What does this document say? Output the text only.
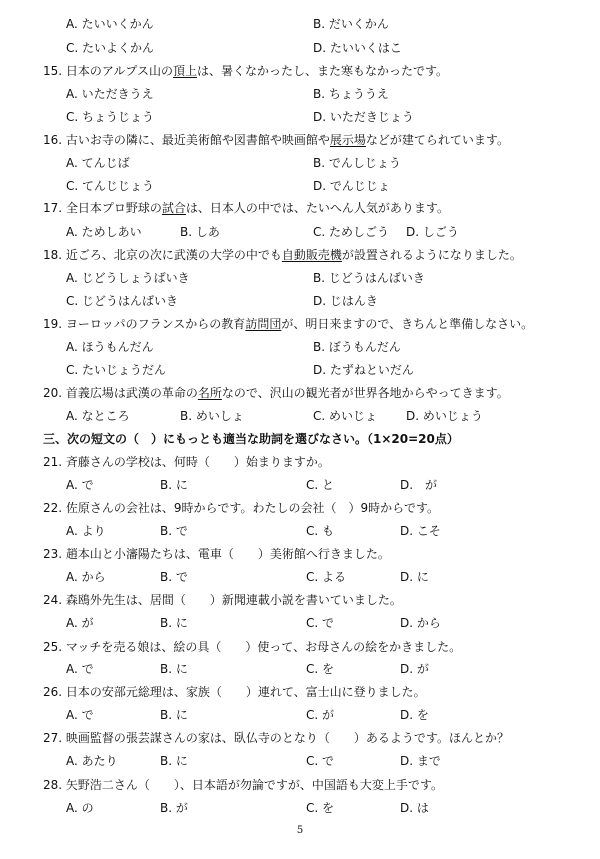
A. たいいくかん	B. だいくかん
C. たいよくかん	D. たいいくはこ
15. 日本のアルプス山の頂上は、暑くなかったし、また寒もなかったです。
A. いただきうえ	B. ちょううえ
C. ちょうじょう	D. いただきじょう
16. 古いお寺の隣に、最近美術館や図書館や映画館や展示場などが建てられています。
A. てんじば	B. でんしじょう
C. てんじじょう	D. でんじじょ
17. 全日本プロ野球の試合は、日本人の中では、たいへん人気があります。
A. ためしあい	B. しあ	C. ためしごう D. しごう
18. 近ごろ、北京の次に武漢の大学の中でも自動販売機が設置されるようになりました。
A. じどうしょうばいき	B. じどうはんばいき
C. じどうはんばいき	D. じはんき
19. ヨーロッパのフランスからの教育訪問団が、明日来ますので、きちんと準備しなさい。
A. ほうもんだん	B. ぼうもんだん
C. たいじょうだん	D. たずねといだん
20. 首義広場は武漢の革命の名所なので、沢山の観光者が世界各地からやってきます。
A. なところ	B. めいしょ	C. めいじょ D. めいじょう
三、次の短文の（　）にもっとも適当な助詞を選びなさい。（1×20=20点）
21. 斉藤さんの学校は、何時（　　）始まりますか。
A. で	B. に	C. と	D.　が
22. 佐原さんの会社は、9時からです。わたしの会社（　）9時からです。
A. より	B. で	C. も	D. こそ
23. 趙本山と小瀋陽たちは、電車（　　）美術館へ行きました。
A. から	B. で	C. よる	D. に
24. 森鴎外先生は、居間（　　）新聞連載小説を書いていました。
A. が	B. に	C. で	D. から
25. マッチを売る娘は、絵の具（　　）使って、お母さんの絵をかきました。
A. で	B. に	C. を	D. が
26. 日本の安部元総理は、家族（　　）連れて、富士山に登りました。
A. で	B. に	C. が	D. を
27. 映画監督の張芸謀さんの家は、臥仏寺のとなり（　　）あるようです。ほんとか？
A. あたり	B. に	C. で	D. まで
28. 矢野浩二さん（　　）、日本語が勿論ですが、中国語も大変上手です。
A. の	B. が	C. を	D. は
5
